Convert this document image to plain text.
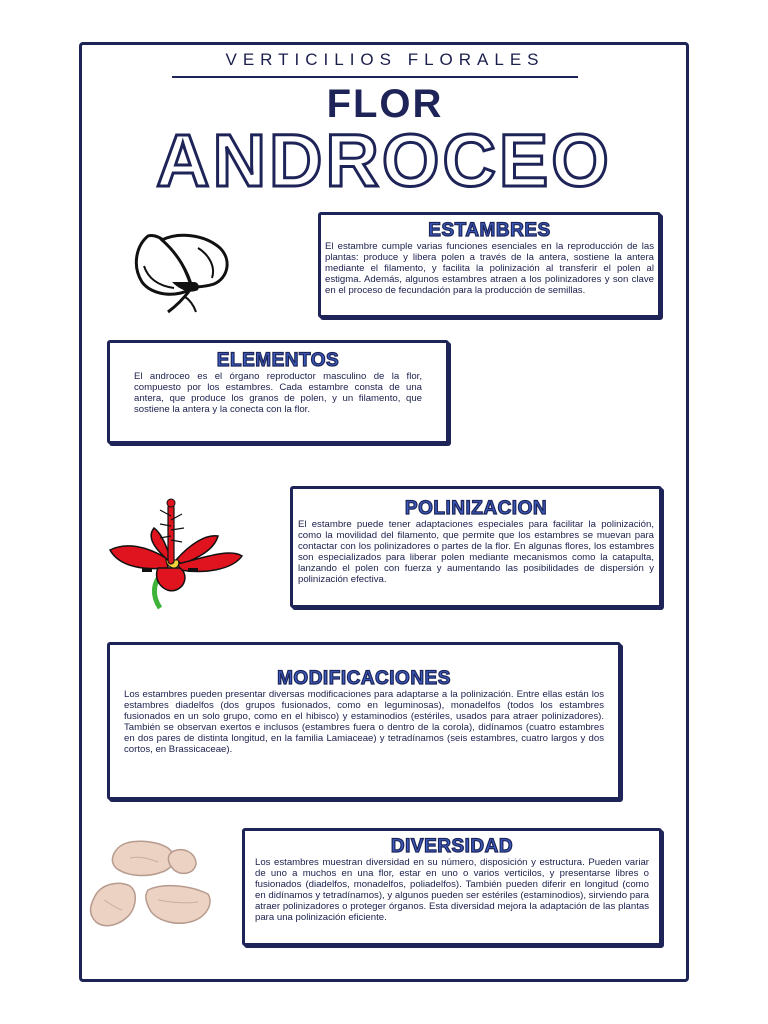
VERTICILIOS FLORALES
FLOR
ANDROCEO
ESTAMBRES

El estambre cumple varias funciones esenciales en la reproducción de las plantas: produce y libera polen a través de la antera, sostiene la antera mediante el filamento, y facilita la polinización al transferir el polen al estigma. Además, algunos estambres atraen a los polinizadores y son clave en el proceso de fecundación para la producción de semillas.

ELEMENTOS

El androceo es el órgano reproductor masculino de la flor, compuesto por los estambres. Cada estambre consta de una antera, que produce los granos de polen, y un filamento, que sostiene la antera y la conecta con la flor.

POLINIZACION

El estambre puede tener adaptaciones especiales para facilitar la polinización, como la movilidad del filamento, que permite que los estambres se muevan para contactar con los polinizadores o partes de la flor. En algunas flores, los estambres son especializados para liberar polen mediante mecanismos como la catapulta, lanzando el polen con fuerza y aumentando las posibilidades de dispersión y polinización efectiva.

MODIFICACIONES

Los estambres pueden presentar diversas modificaciones para adaptarse a la polinización. Entre ellas están los estambres diadelfos (dos grupos fusionados, como en leguminosas), monadelfos (todos los estambres fusionados en un solo grupo, como en el hibisco) y estaminodios (estériles, usados para atraer polinizadores). También se observan exertos e inclusos (estambres fuera o dentro de la corola), didínamos (cuatro estambres en dos pares de distinta longitud, en la familia Lamiaceae) y tetradínamos (seis estambres, cuatro largos y dos cortos, en Brassicaceae).

DIVERSIDAD

Los estambres muestran diversidad en su número, disposición y estructura. Pueden variar de uno a muchos en una flor, estar en uno o varios verticilos, y presentarse libres o fusionados (diadelfos, monadelfos, poliadelfos). También pueden diferir en longitud (como en didínamos y tetradínamos), y algunos pueden ser estériles (estaminodios), sirviendo para atraer polinizadores o proteger órganos. Esta diversidad mejora la adaptación de las plantas para una polinización eficiente.
